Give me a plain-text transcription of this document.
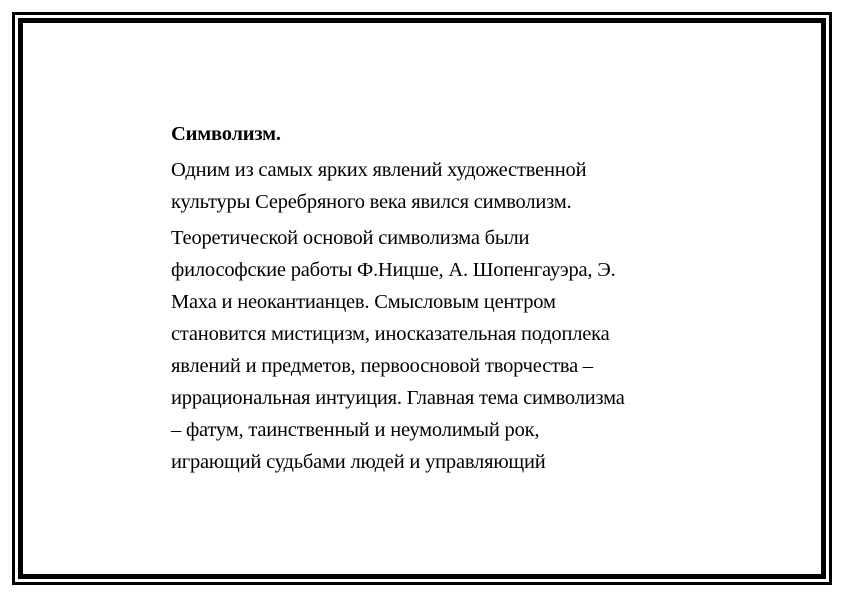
Символизм.
Одним из самых ярких явлений художественной
культуры Серебряного века явился символизм.
Теоретической основой символизма были
философские работы Ф.Ницше, А. Шопенгауэра, Э.
Маха и неокантианцев. Смысловым центром
становится мистицизм, иносказательная подоплека
явлений и предметов, первоосновой творчества –
иррациональная интуиция. Главная тема символизма
– фатум, таинственный и неумолимый рок,
играющий судьбами людей и управляющий
